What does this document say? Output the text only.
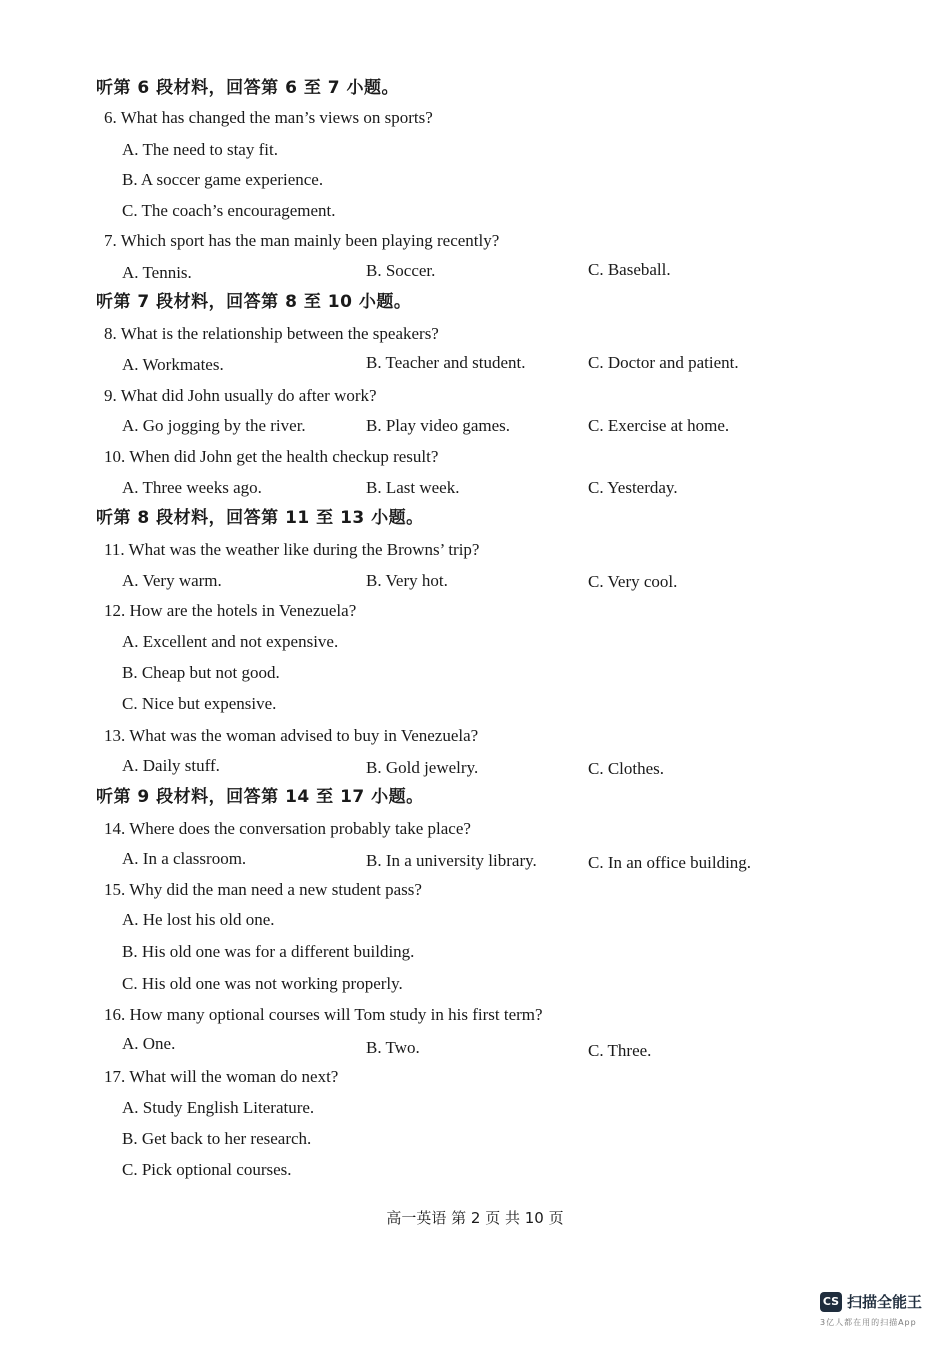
听第 6 段材料，回答第 6 至 7 小题。
6. What has changed the man’s views on sports?
A. The need to stay fit.
B. A soccer game experience.
C. The coach’s encouragement.
7. Which sport has the man mainly been playing recently?
A. Tennis.	B. Soccer.	C. Baseball.
听第 7 段材料，回答第 8 至 10 小题。
8. What is the relationship between the speakers?
A. Workmates.	B. Teacher and student.	C. Doctor and patient.
9. What did John usually do after work?
A. Go jogging by the river.	B. Play video games.	C. Exercise at home.
10. When did John get the health checkup result?
A. Three weeks ago.	B. Last week.	C. Yesterday.
听第 8 段材料，回答第 11 至 13 小题。
11. What was the weather like during the Browns’ trip?
A. Very warm.	B. Very hot.	C. Very cool.
12. How are the hotels in Venezuela?
A. Excellent and not expensive.
B. Cheap but not good.
C. Nice but expensive.
13. What was the woman advised to buy in Venezuela?
A. Daily stuff.	B. Gold jewelry.	C. Clothes.
听第 9 段材料，回答第 14 至 17 小题。
14. Where does the conversation probably take place?
A. In a classroom.	B. In a university library.	C. In an office building.
15. Why did the man need a new student pass?
A. He lost his old one.
B. His old one was for a different building.
C. His old one was not working properly.
16. How many optional courses will Tom study in his first term?
A. One.	B. Two.	C. Three.
17. What will the woman do next?
A. Study English Literature.
B. Get back to her research.
C. Pick optional courses.
高一英语 第 2 页 共 10 页
CS 扫描全能王
3亿人都在用的扫描App
